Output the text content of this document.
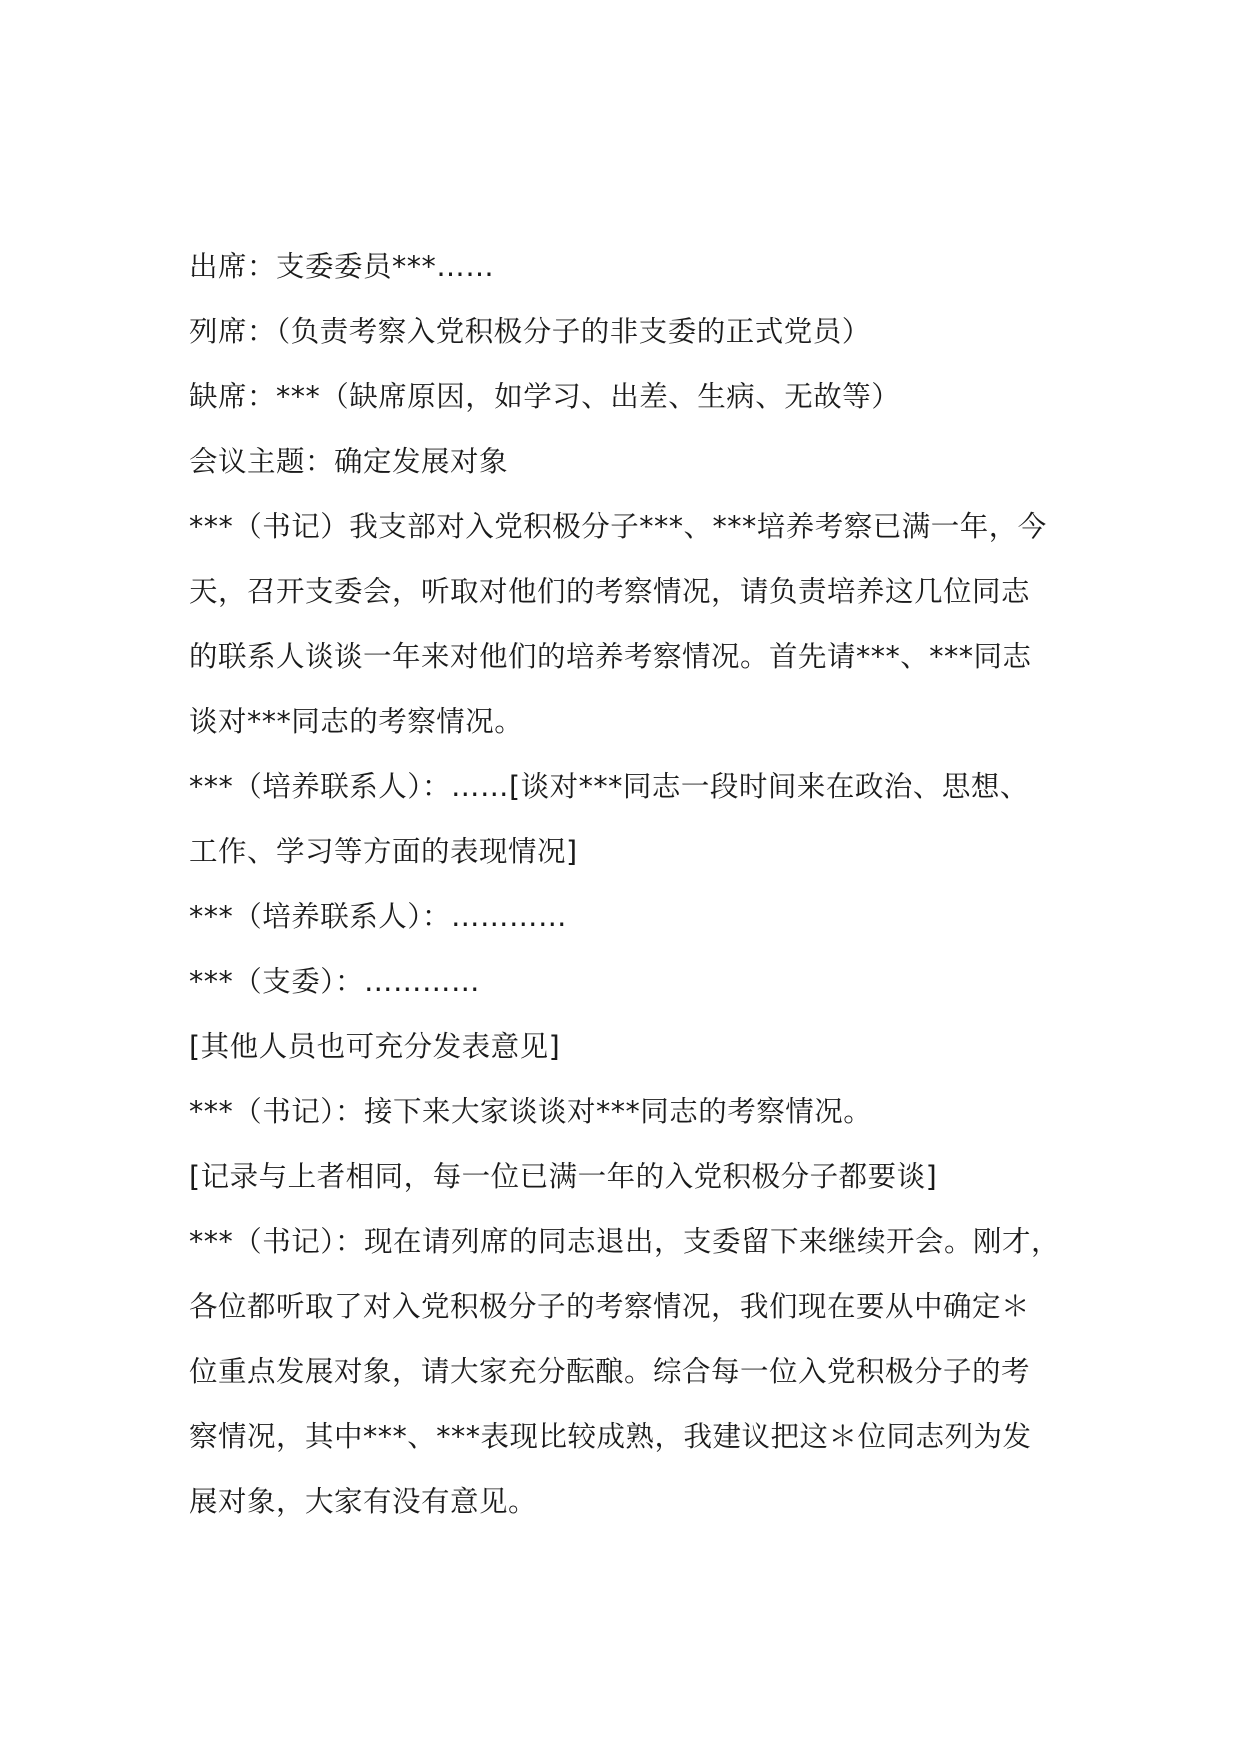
出席：支委委员***……
列席：（负责考察入党积极分子的非支委的正式党员）
缺席：***（缺席原因，如学习、出差、生病、无故等）
会议主题：确定发展对象
***（书记）我支部对入党积极分子***、***培养考察已满一年，今
天，召开支委会，听取对他们的考察情况，请负责培养这几位同志
的联系人谈谈一年来对他们的培养考察情况。首先请***、***同志
谈对***同志的考察情况。
***（培养联系人）：……[谈对***同志一段时间来在政治、思想、
工作、学习等方面的表现情况]
***（培养联系人）：…………
***（支委）：…………
[其他人员也可充分发表意见]
***（书记）：接下来大家谈谈对***同志的考察情况。
[记录与上者相同，每一位已满一年的入党积极分子都要谈]
***（书记）：现在请列席的同志退出，支委留下来继续开会。刚才，
各位都听取了对入党积极分子的考察情况，我们现在要从中确定＊
位重点发展对象，请大家充分酝酿。综合每一位入党积极分子的考
察情况，其中***、***表现比较成熟，我建议把这＊位同志列为发
展对象，大家有没有意见。
